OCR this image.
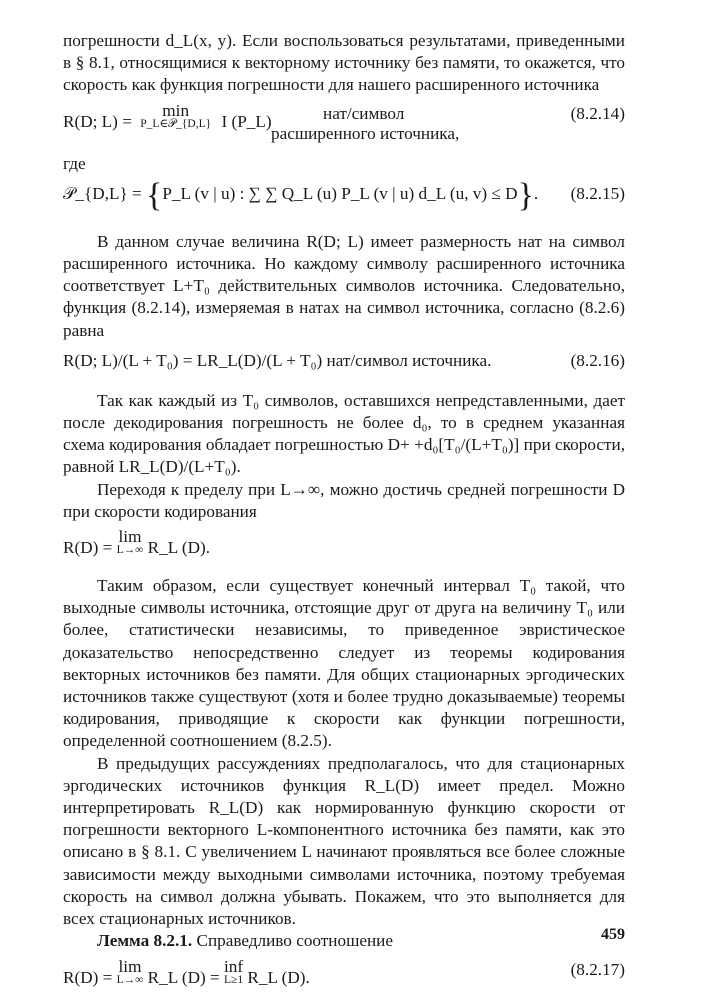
погрешности d_L(x, y). Если воспользоваться результатами, приведенными в § 8.1, относящимися к векторному источнику без памяти, то окажется, что скорость как функция погрешности для нашего расширенного источника

R(D; L) =
min
P_L∈𝒫_{D,L} I (P_L)	нат/символ
расширенного источника,
(8.2.14)

где

𝒫_{D,L} = {P_L (v | u) : ∑ ∑ Q_L (u) P_L (v | u) d_L (u, v) ≤ D}. (8.2.15)

В данном случае величина R(D; L) имеет размерность нат на символ расширенного источника. Но каждому символу расширенного источника соответствует L+T₀ действительных символов источника. Следовательно, функция (8.2.14), измеряемая в натах на символ источника, согласно (8.2.6) равна

R(D; L)/(L + T₀) = LR_L(D)/(L + T₀) нат/символ источника.	(8.2.16)

Так как каждый из T₀ символов, оставшихся непредставленными, дает после декодирования погрешность не более d₀, то в среднем указанная схема кодирования обладает погрешностью D+ +d₀[T₀/(L+T₀)] при скорости, равной LR_L(D)/(L+T₀).

Переходя к пределу при L→∞, можно достичь средней погрешности D при скорости кодирования

R(D) =
lim
L→∞ R_L (D).

Таким образом, если существует конечный интервал T₀ такой, что выходные символы источника, отстоящие друг от друга на величину T₀ или более, статистически независимы, то приведенное эвристическое доказательство непосредственно следует из теоремы кодирования векторных источников без памяти. Для общих стационарных эргодических источников также существуют (хотя и более трудно доказываемые) теоремы кодирования, приводящие к скорости как функции погрешности, определенной соотношением (8.2.5).

В предыдущих рассуждениях предполагалось, что для стационарных эргодических источников функция R_L(D) имеет предел. Можно интерпретировать R_L(D) как нормированную функцию скорости от погрешности векторного L-компонентного источника без памяти, как это описано в § 8.1. С увеличением L начинают проявляться все более сложные зависимости между выходными символами источника, поэтому требуемая скорость на символ должна убывать. Покажем, что это выполняется для всех стационарных источников.

Лемма 8.2.1. Справедливо соотношение

R(D) =
lim
L→∞ R_L (D) =
inf
L≥1 R_L (D).	(8.2.17)
459
